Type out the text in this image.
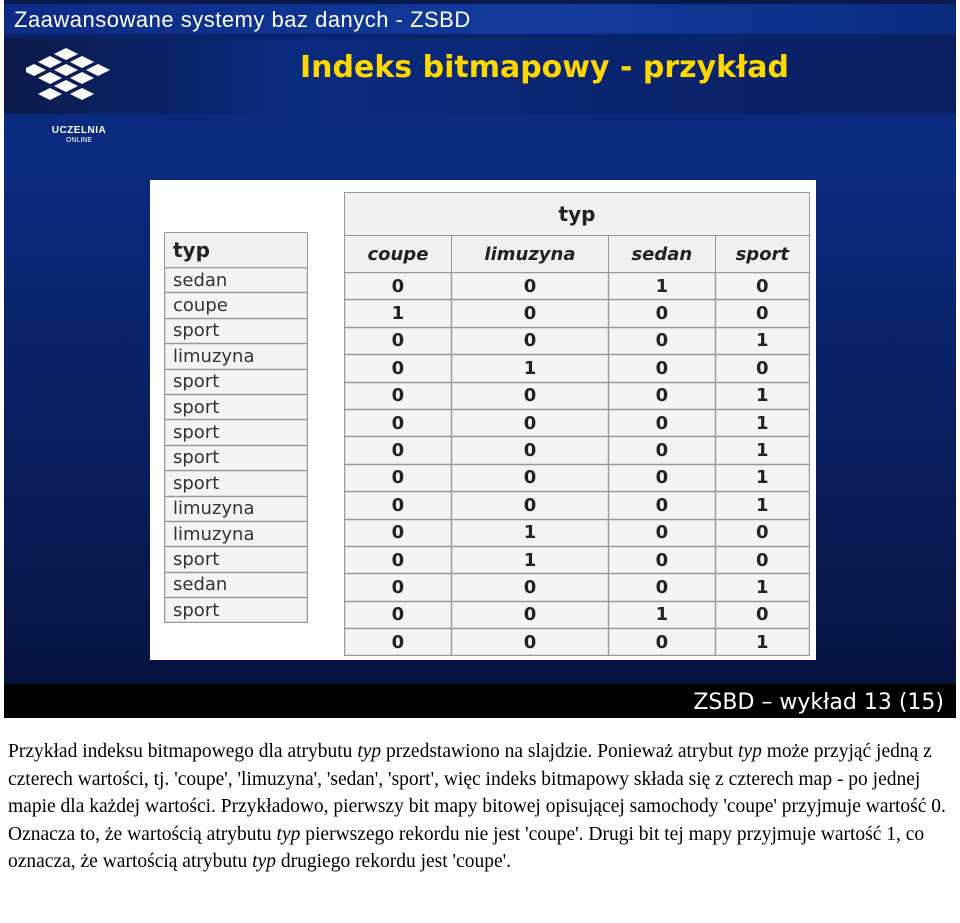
Zaawansowane systemy baz danych - ZSBD
Indeks bitmapowy - przykład
UCZELNIA
ONLINE
typ
sedan
coupe
sport
limuzyna
sport
sport
sport
sport
sport
limuzyna
limuzyna
sport
sedan
sport
typ			
coupe	limuzyna	sedan	sport
0	0	1	0
1	0	0	0
0	0	0	1
0	1	0	0
0	0	0	1
0	0	0	1
0	0	0	1
0	0	0	1
0	0	0	1
0	1	0	0
0	1	0	0
0	0	0	1
0	0	1	0
0	0	0	1
ZSBD – wykład 13 (15)
Przykład indeksu bitmapowego dla atrybutu typ przedstawiono na slajdzie. Ponieważ atrybut typ może przyjąć jedną z czterech wartości, tj. 'coupe', 'limuzyna', 'sedan', 'sport', więc indeks bitmapowy składa się z czterech map - po jednej mapie dla każdej wartości. Przykładowo, pierwszy bit mapy bitowej opisującej samochody 'coupe' przyjmuje wartość 0. Oznacza to, że wartością atrybutu typ pierwszego rekordu nie jest 'coupe'. Drugi bit tej mapy przyjmuje wartość 1, co oznacza, że wartością atrybutu typ drugiego rekordu jest 'coupe'.
